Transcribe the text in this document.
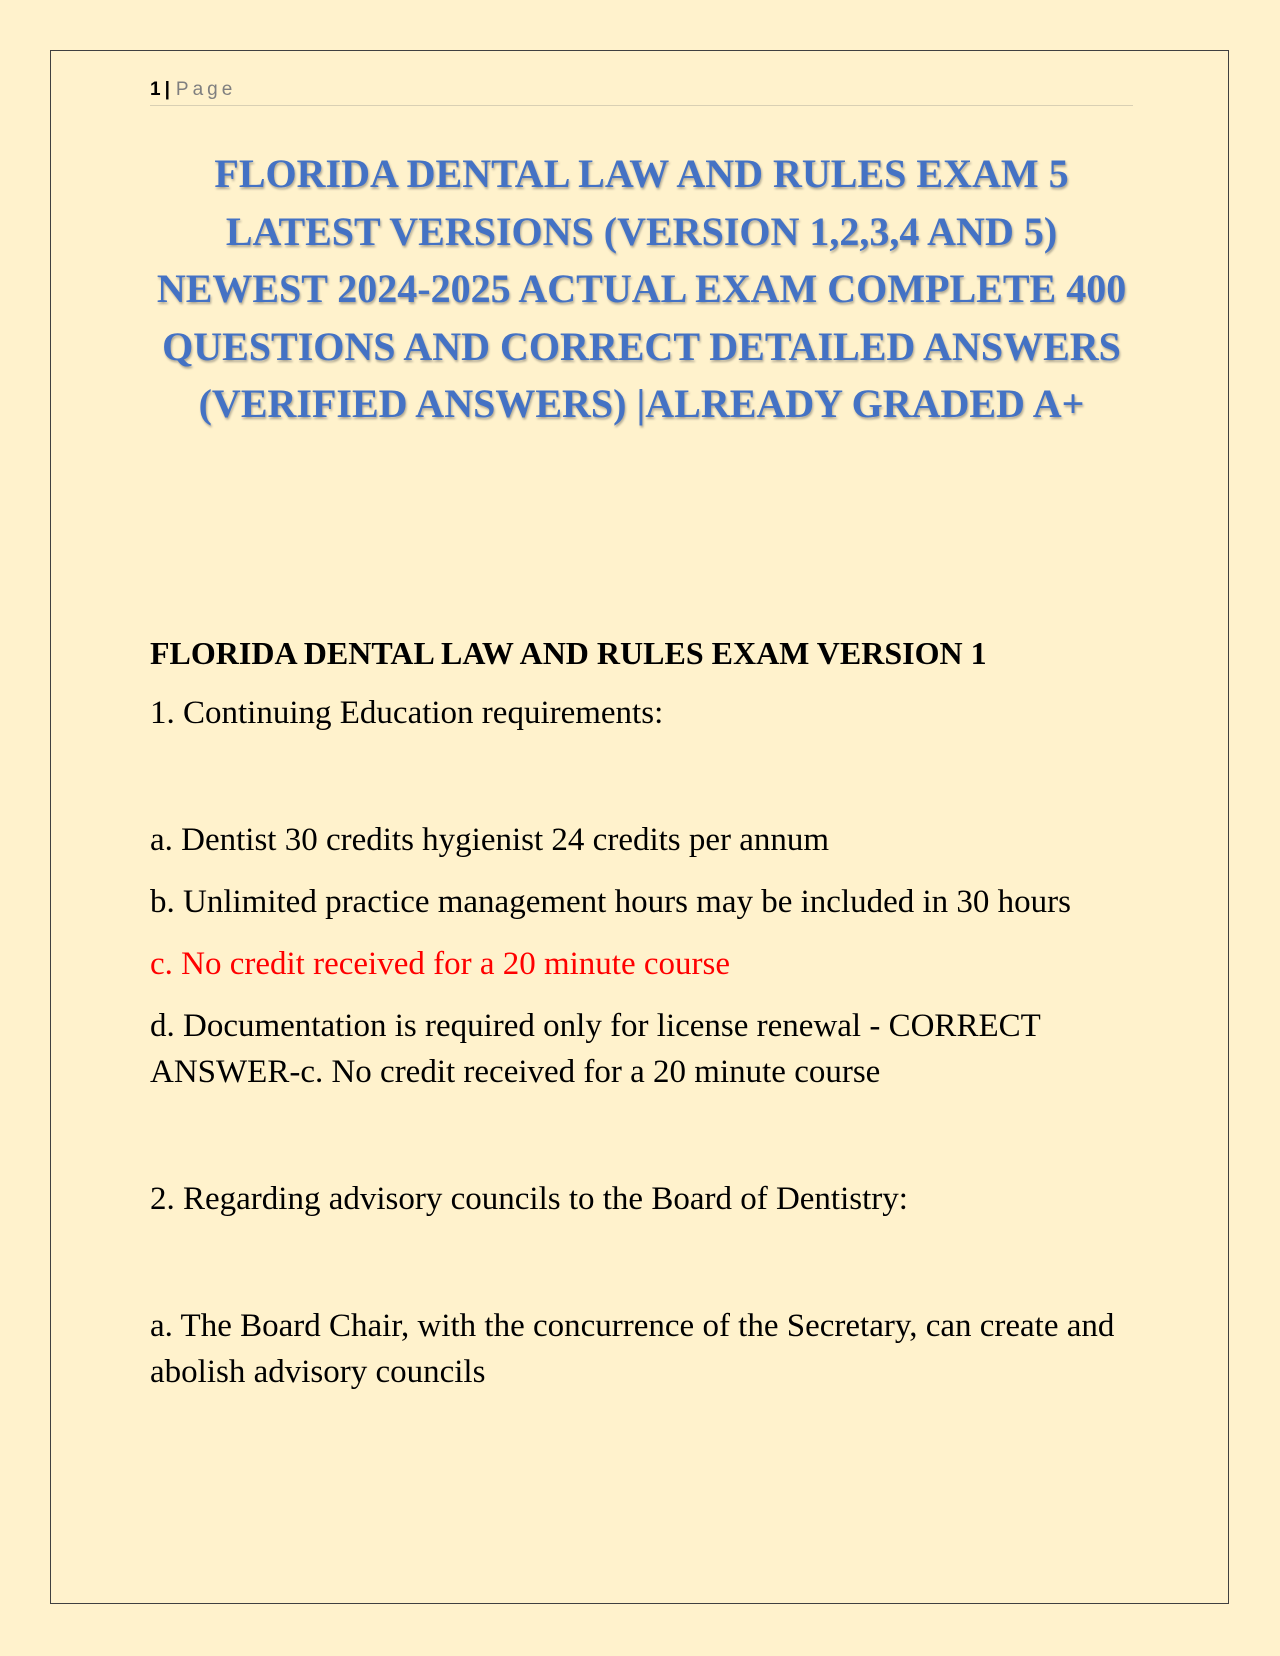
1 | Page
FLORIDA DENTAL LAW AND RULES EXAM 5 LATEST VERSIONS (VERSION 1,2,3,4 AND 5) NEWEST 2024-2025 ACTUAL EXAM COMPLETE 400 QUESTIONS AND CORRECT DETAILED ANSWERS (VERIFIED ANSWERS) |ALREADY GRADED A+

FLORIDA DENTAL LAW AND RULES EXAM VERSION 1

1. Continuing Education requirements:

a. Dentist 30 credits hygienist 24 credits per annum

b. Unlimited practice management hours may be included in 30 hours

c. No credit received for a 20 minute course

d. Documentation is required only for license renewal - CORRECT ANSWER-c. No credit received for a 20 minute course

2. Regarding advisory councils to the Board of Dentistry:

a. The Board Chair, with the concurrence of the Secretary, can create and abolish advisory councils
